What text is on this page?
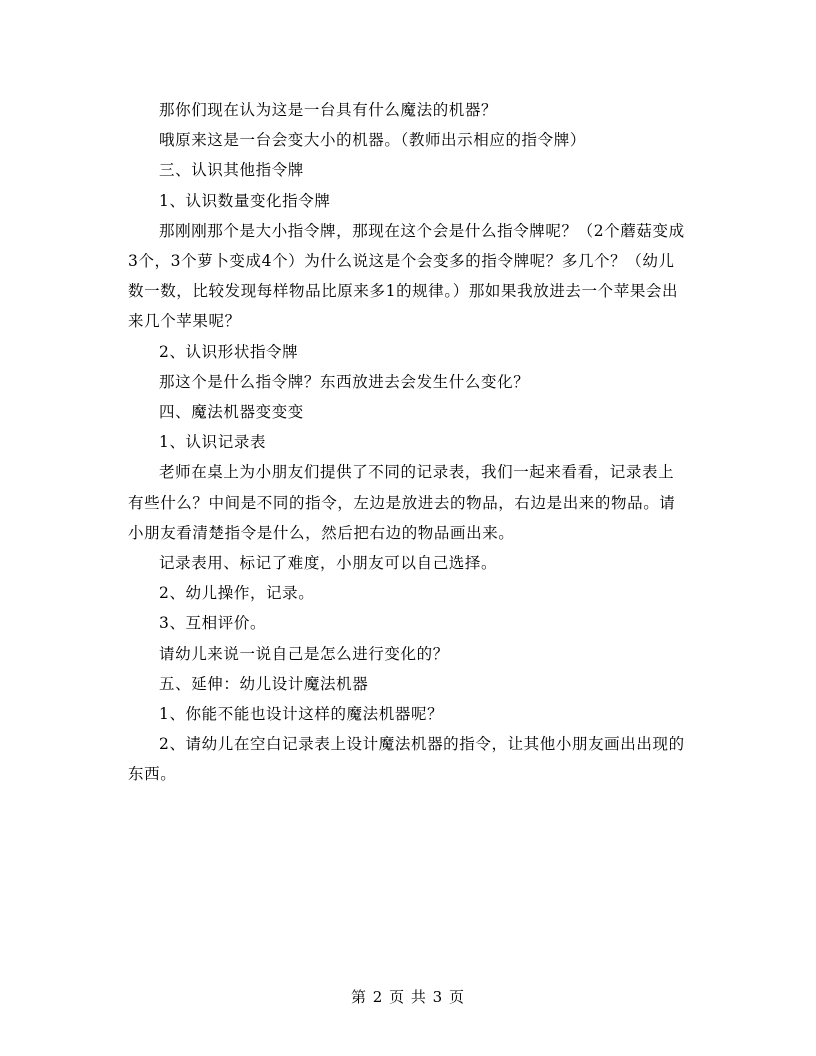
那你们现在认为这是一台具有什么魔法的机器？

哦原来这是一台会变大小的机器。（教师出示相应的指令牌）

三、认识其他指令牌

1、认识数量变化指令牌

那刚刚那个是大小指令牌，那现在这个会是什么指令牌呢？（2个蘑菇变成3个，3个萝卜变成4个）为什么说这是个会变多的指令牌呢？多几个？（幼儿数一数，比较发现每样物品比原来多1的规律。）那如果我放进去一个苹果会出来几个苹果呢？

2、认识形状指令牌

那这个是什么指令牌？东西放进去会发生什么变化？

四、魔法机器变变变

1、认识记录表

老师在桌上为小朋友们提供了不同的记录表，我们一起来看看，记录表上有些什么？中间是不同的指令，左边是放进去的物品，右边是出来的物品。请小朋友看清楚指令是什么，然后把右边的物品画出来。

记录表用、标记了难度，小朋友可以自己选择。

2、幼儿操作，记录。

3、互相评价。

请幼儿来说一说自己是怎么进行变化的？

五、延伸：幼儿设计魔法机器

1、你能不能也设计这样的魔法机器呢？

2、请幼儿在空白记录表上设计魔法机器的指令，让其他小朋友画出出现的东西。

第 2 页 共 3 页
